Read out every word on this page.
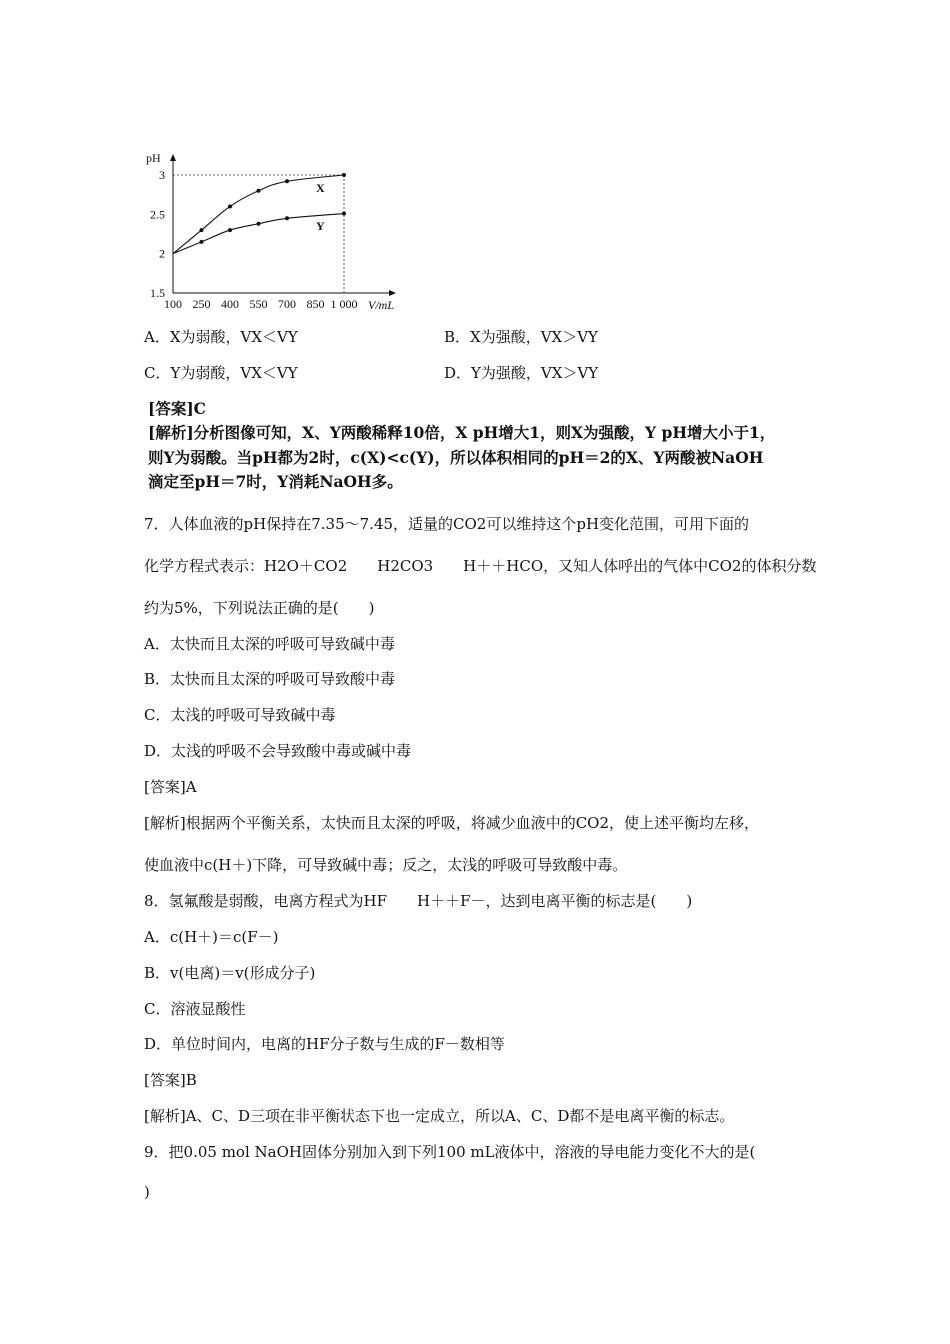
100 250 400 550 700 850 1 000
1.5
2
2.5
3
pH
V/mL
X
Y
A．X为弱酸，VX＜VY	B．X为强酸，VX＞VY
C．Y为弱酸，VX＜VY	D．Y为强酸，VX＞VY
[答案]C
[解析]分析图像可知，X、Y两酸稀释10倍，X pH增大1，则X为强酸，Y pH增大小于1，
则Y为弱酸。当pH都为2时，c(X)<c(Y)，所以体积相同的pH＝2的X、Y两酸被NaOH
滴定至pH＝7时，Y消耗NaOH多。
7．人体血液的pH保持在7.35～7.45，适量的CO2可以维持这个pH变化范围，可用下面的
化学方程式表示：H2O＋CO2　　H2CO3　　H＋＋HCO，又知人体呼出的气体中CO2的体积分数
约为5%，下列说法正确的是(　　)
A．太快而且太深的呼吸可导致碱中毒
B．太快而且太深的呼吸可导致酸中毒
C．太浅的呼吸可导致碱中毒
D．太浅的呼吸不会导致酸中毒或碱中毒
[答案]A
[解析]根据两个平衡关系，太快而且太深的呼吸，将减少血液中的CO2，使上述平衡均左移，
使血液中c(H＋)下降，可导致碱中毒；反之，太浅的呼吸可导致酸中毒。
8．氢氟酸是弱酸，电离方程式为HF　　H＋＋F－，达到电离平衡的标志是(　　)
A．c(H＋)＝c(F－)
B．v(电离)＝v(形成分子)
C．溶液显酸性
D．单位时间内，电离的HF分子数与生成的F－数相等
[答案]B
[解析]A、C、D三项在非平衡状态下也一定成立，所以A、C、D都不是电离平衡的标志。
9．把0.05 mol NaOH固体分别加入到下列100 mL液体中，溶液的导电能力变化不大的是(
)
